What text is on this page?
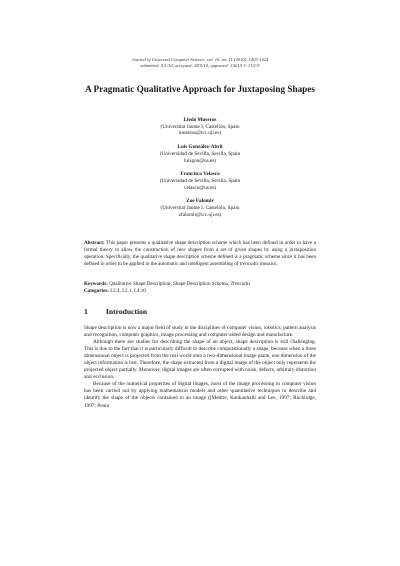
Journal of Universal Computer Science, vol. 16, no. 11 (2010), 1403-1424
submitted: 5/1/10, accepted: 28/5/10, appeared: 1/6/10 © J.UCS
A Pragmatic Qualitative Approach for Juxtaposing Shapes
Lledó Museros
(Universitat Jaume I, Castellón, Spain
museros@icc.uji.es)
Luis González-Abril
(Universidad de Sevilla, Sevilla, Spain
luisgon@us.es)
Francisco Velasco
(Universidad de Sevilla, Sevilla, Spain
velasco@us.es)
Zoe Falomir
(Universitat Jaume I, Castellón, Spain
zfalomir@icc.uji.es)
Abstract: This paper presents a qualitative shape description scheme which has been defined in order to have a formal theory to allow the construction of new shapes from a set of given shapes by using a juxtaposition operation. Specifically, the qualitative shape description scheme defined is a pragmatic scheme since it has been defined in order to be applied in the automatic and intelligent assembling of trencadís mosaics.
Keywords: Qualitative Shape Description, Shape Description Schema, Trencadís
Categories: I.2.4, I.2.1, I.4.10
1 Introduction

Shape description is now a major field of study in the disciplines of computer vision, robotics, pattern analysis and recognition, computer graphics, image processing and computer-aided design and manufacture.

Although there are studies for describing the shape of an object, shape description is still challenging. This is due to the fact that it is particularly difficult to describe computationally a shape, because when a three dimensional object is projected from the real world onto a two-dimensional image plane, one dimension of the object information is lost. Therefore, the shape extracted from a digital image of the object only represents the projected object partially. Moreover, digital images are often corrupted with noise, defects, arbitrary distortion and occlusion.

Because of the numerical properties of digital images, most of the image processing in computer vision has been carried out by applying mathematical models and other quantitative techniques to describe and identify the shape of the objects contained in an image ([Mehtre, Kankanhalli and Lee, 1997; Rucklidge, 1997; Peura
